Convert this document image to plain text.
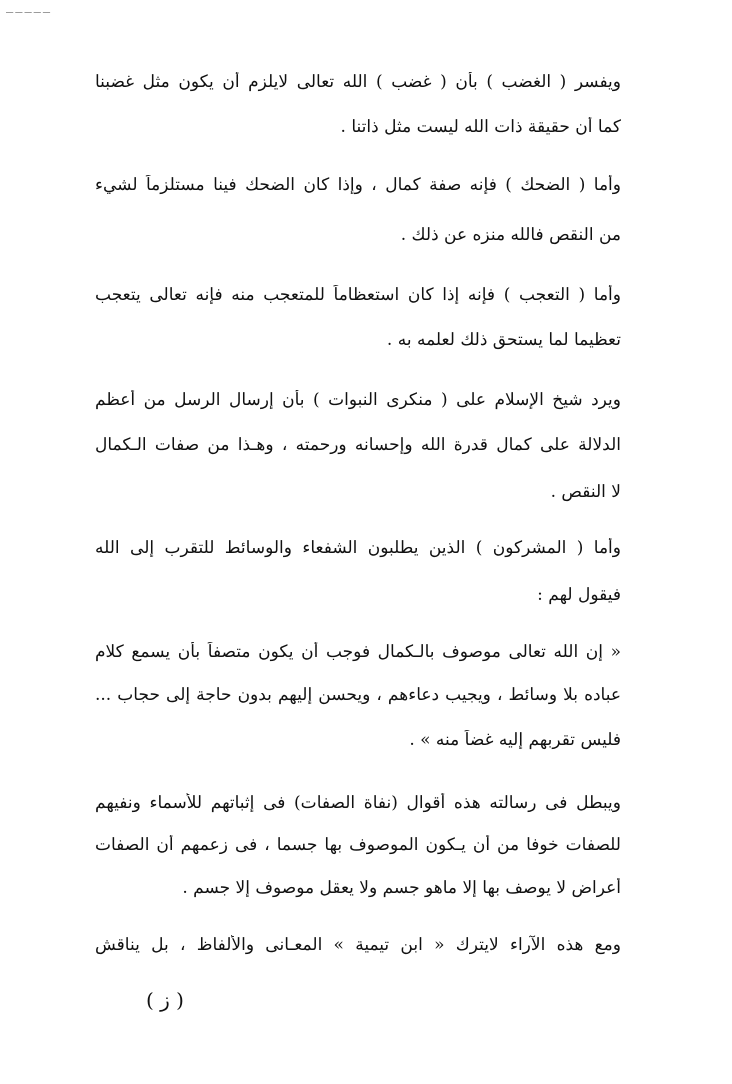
_____
ويفسر ( الغضب ) بأن ( غضب ) الله تعالى لايلزم أن يكون مثل غضبنا
كما أن حقيقة ذات الله ليست مثل ذاتنا .
وأما ( الضحك ) فإنه صفة كمال ، وإذا كان الضحك فينا مستلزماً لشيء
من النقص فالله منزه عن ذلك .
وأما ( التعجب ) فإنه إذا كان استعظاماً للمتعجب منه فإنه تعالى يتعجب
تعظيما لما يستحق ذلك لعلمه به .
ويرد شيخ الإسلام على ( منكرى النبوات ) بأن إرسال الرسل من أعظم
الدلالة على كمال قدرة الله وإحسانه ورحمته ، وهـذا من صفات الـكمال
لا النقص .
وأما ( المشركون ) الذين يطلبون الشفعاء والوسائط للتقرب إلى الله
فيقول لهم :
« إن الله تعالى موصوف بالـكمال فوجب أن يكون متصفاً بأن يسمع كلام
عباده بلا وسائط ، ويجيب دعاءهم ، ويحسن إليهم بدون حاجة إلى حجاب ...
فليس تقربهم إليه غضاً منه » .
ويبطل فى رسالته هذه أقوال (نفاة الصفات) فى إثباتهم للأسماء ونفيهم
للصفات خوفا من أن يـكون الموصوف بها جسما ، فى زعمهم أن الصفات
أعراض لا يوصف بها إلا ماهو جسم ولا يعقل موصوف إلا جسم .
ومع هذه الآراء لايترك « ابن تيمية » المعـانى والألفاظ ، بل يناقش
( ز )
